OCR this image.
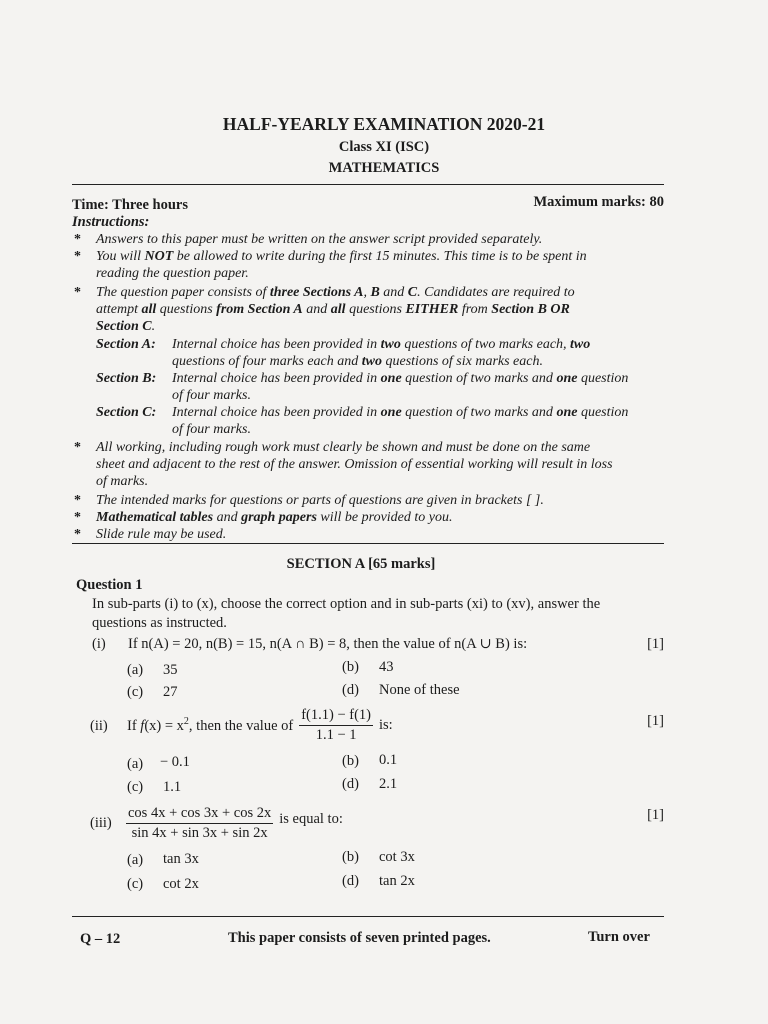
HALF-YEARLY EXAMINATION 2020-21
Class XI (ISC)
MATHEMATICS
Time: Three hours	Maximum marks: 80
Instructions:
* Answers to this paper must be written on the answer script provided separately.
* You will NOT be allowed to write during the first 15 minutes. This time is to be spent in
reading the question paper.
* The question paper consists of three Sections A, B and C. Candidates are required to
attempt all questions from Section A and all questions EITHER from Section B OR
Section C.
Section A: Internal choice has been provided in two questions of two marks each, two
questions of four marks each and two questions of six marks each.
Section B: Internal choice has been provided in one question of two marks and one question
of four marks.
Section C: Internal choice has been provided in one question of two marks and one question
of four marks.
* All working, including rough work must clearly be shown and must be done on the same
sheet and adjacent to the rest of the answer. Omission of essential working will result in loss
of marks.
* The intended marks for questions or parts of questions are given in brackets [ ].
* Mathematical tables and graph papers will be provided to you.
* Slide rule may be used.
SECTION A [65 marks]
Question 1
In sub-parts (i) to (x), choose the correct option and in sub-parts (xi) to (xv), answer the
questions as instructed.
(i) If n(A) = 20, n(B) = 15, n(A ∩ B) = 8, then the value of n(A ∪ B) is:	[1]
(a) 35	(b) 43
(c) 27	(d) None of these
(ii) If $f(x) = x^2$, then the value of $\frac{f(1.1) - f(1)}{1.1 - 1}$ is:	[1]
(a) − 0.1	(b) 0.1
(c) 1.1	(d) 2.1
$(iii) \frac{\cos 4x + \cos 3x + \cos 2x}{\sin 4x + \sin 3x + \sin 2x}$ is equal to:	[1]
(a) tan 3x	(b) cot 3x
(c) cot 2x	(d) tan 2x
Q – 12	This paper consists of seven printed pages.	Turn over
